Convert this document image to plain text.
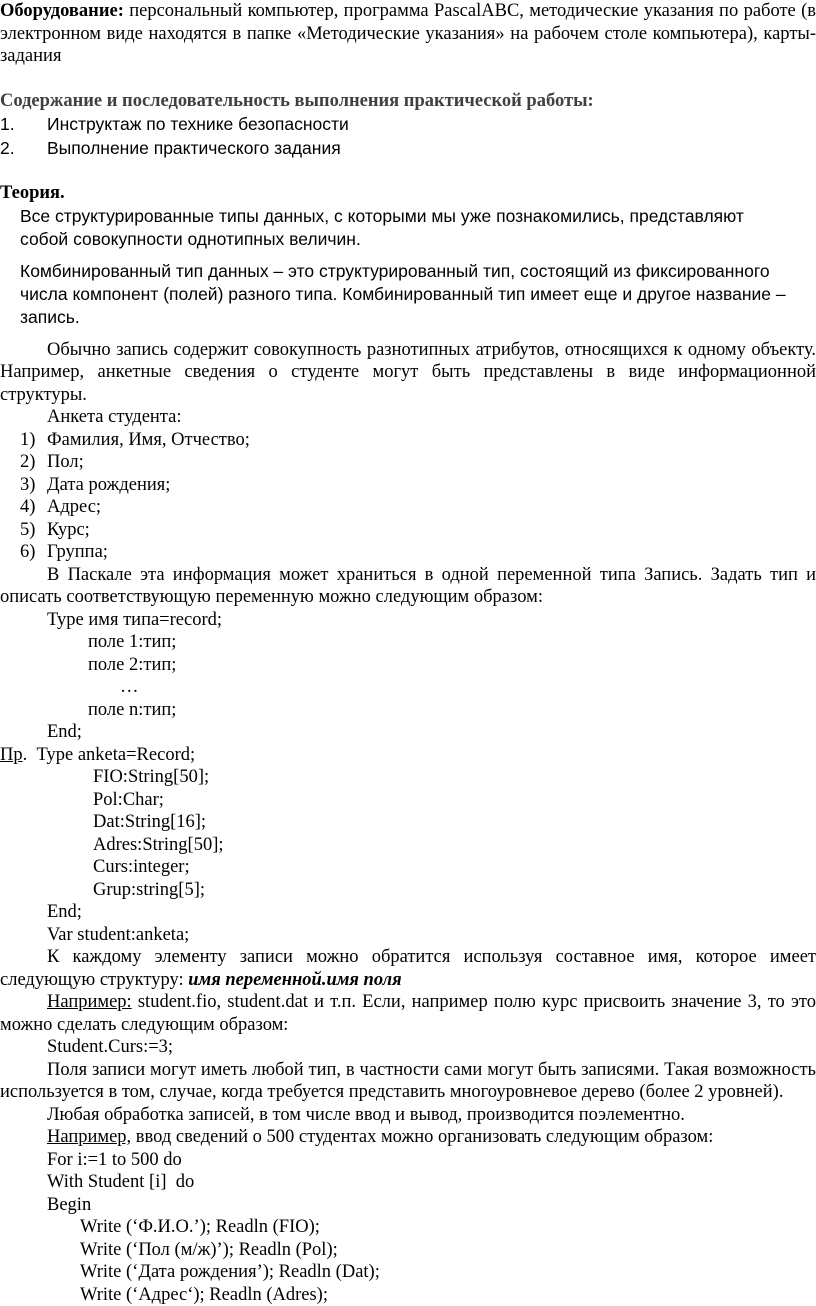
Оборудование: персональный компьютер, программа PascalABC, методические указания по работе (в электронном виде находятся в папке «Методические указания» на рабочем столе компьютера), карты-задания

Содержание и последовательность выполнения практической работы:

1. Инструктаж по технике безопасности

2. Выполнение практического задания

Теория.

Все структурированные типы данных, с которыми мы уже познакомились, представляют собой совокупности однотипных величин.

Комбинированный тип данных – это структурированный тип, состоящий из фиксированного числа компонент (полей) разного типа. Комбинированный тип имеет еще и другое название – запись.

Обычно запись содержит совокупность разнотипных атрибутов, относящихся к одному объекту. Например, анкетные сведения о студенте могут быть представлены в виде информационной структуры.

Анкета студента:

1) Фамилия, Имя, Отчество;

2) Пол;

3) Дата рождения;

4) Адрес;

5) Курс;

6) Группа;

В Паскале эта информация может храниться в одной переменной типа Запись. Задать тип и описать соответствующую переменную можно следующим образом:

Type имя типа=record;

поле 1:тип;

поле 2:тип;

…

поле n:тип;

End;

Пр.  Type anketa=Record;

FIO:String[50];

Pol:Char;

Dat:String[16];

Adres:String[50];

Curs:integer;

Grup:string[5];

End;

Var student:anketa;

К каждому элементу записи можно обратится используя составное имя, которое имеет следующую структуру: имя переменной.имя поля

Например: student.fio, student.dat и т.п. Если, например полю курс присвоить значение 3, то это можно сделать следующим образом:

Student.Curs:=3;

Поля записи могут иметь любой тип, в частности сами могут быть записями. Такая возможность используется в том, случае, когда требуется представить многоуровневое дерево (более 2 уровней).

Любая обработка записей, в том числе ввод и вывод, производится поэлементно.

Например, ввод сведений о 500 студентах можно организовать следующим образом:

For i:=1 to 500 do

With Student [i]  do

Begin

Write (‘Ф.И.О.’); Readln (FIO);

Write (‘Пол (м/ж)’); Readln (Pol);

Write (‘Дата рождения’); Readln (Dat);

Write (‘Адрес‘); Readln (Adres);
